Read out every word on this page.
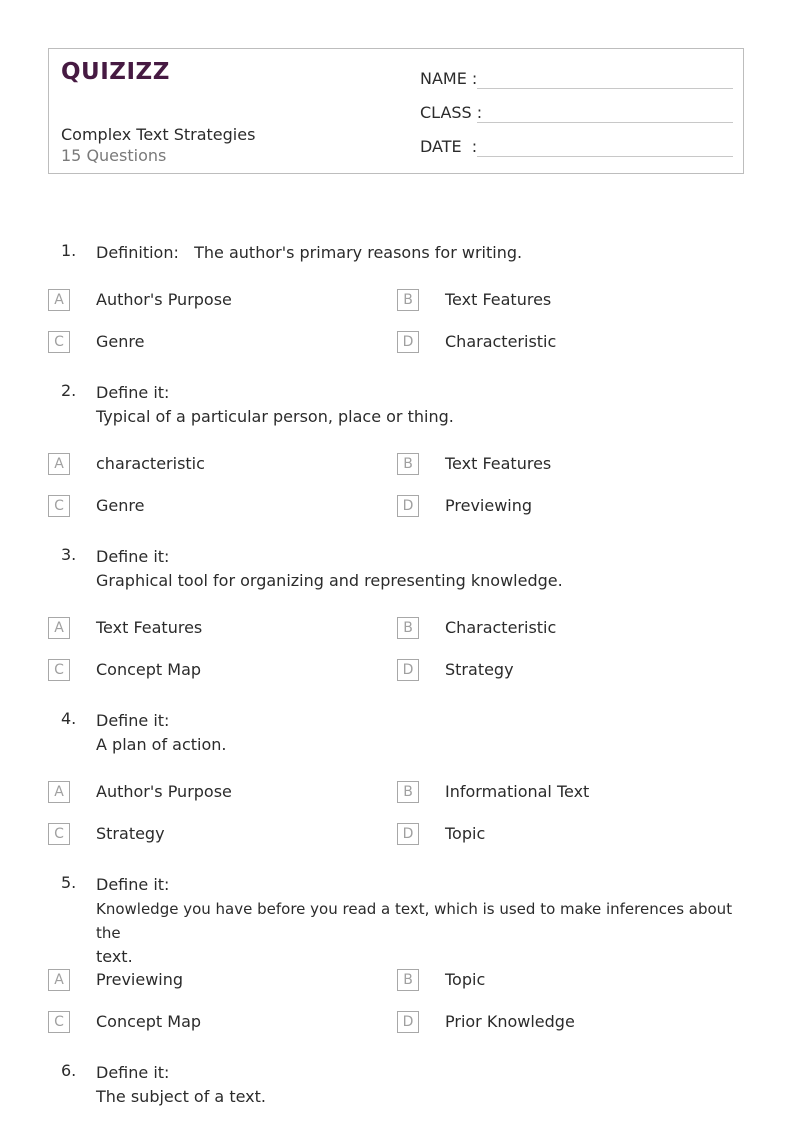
QUIZIZZ
Complex Text Strategies
15 Questions
NAME :
CLASS :
DATE  :
1. Definition:   The author's primary reasons for writing.
A	Author's Purpose	B	Text Features
C	Genre	D	Characteristic
2. Define it:
Typical of a particular person, place or thing.
A	characteristic	B	Text Features
C	Genre	D	Previewing
3. Define it:
Graphical tool for organizing and representing knowledge.
A	Text Features	B	Characteristic
C	Concept Map	D	Strategy
4. Define it:
A plan of action.
A	Author's Purpose	B	Informational Text
C	Strategy	D	Topic
5. Define it:
Knowledge you have before you read a text, which is used to make inferences about the
text.
A	Previewing	B	Topic
C	Concept Map	D	Prior Knowledge
6. Define it:
The subject of a text.
